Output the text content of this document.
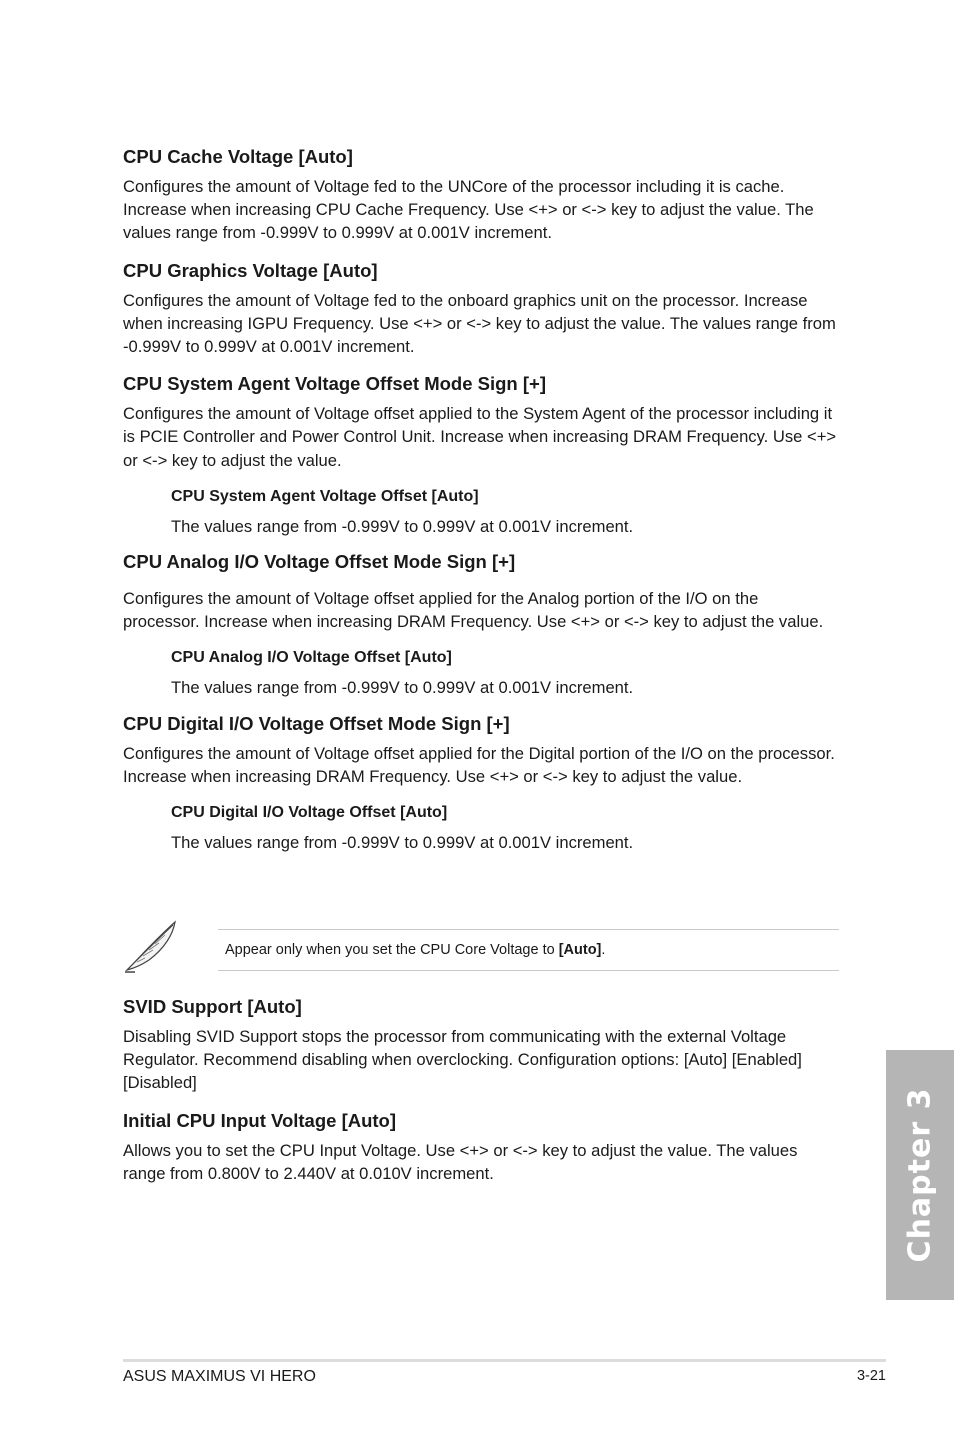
CPU Cache Voltage [Auto]

Configures the amount of Voltage fed to the UNCore of the processor including it is cache. Increase when increasing CPU Cache Frequency. Use <+> or <-> key to adjust the value. The values range from -0.999V to 0.999V at 0.001V increment.

CPU Graphics Voltage [Auto]

Configures the amount of Voltage fed to the onboard graphics unit on the processor. Increase when increasing IGPU Frequency. Use <+> or <-> key to adjust the value. The values range from -0.999V to 0.999V at 0.001V increment.

CPU System Agent Voltage Offset Mode Sign [+]

Configures the amount of Voltage offset applied to the System Agent of the processor including it is PCIE Controller and Power Control Unit. Increase when increasing DRAM Frequency. Use <+> or <-> key to adjust the value.

CPU System Agent Voltage Offset [Auto]

The values range from -0.999V to 0.999V at 0.001V increment.

CPU Analog I/O Voltage Offset Mode Sign [+]

Configures the amount of Voltage offset applied for the Analog portion of the I/O on the processor. Increase when increasing DRAM Frequency. Use <+> or <-> key to adjust the value.

CPU Analog I/O Voltage Offset [Auto]

The values range from -0.999V to 0.999V at 0.001V increment.

CPU Digital I/O Voltage Offset Mode Sign [+]

Configures the amount of Voltage offset applied for the Digital portion of the I/O on the processor. Increase when increasing DRAM Frequency. Use <+> or <-> key to adjust the value.

CPU Digital I/O Voltage Offset [Auto]

The values range from -0.999V to 0.999V at 0.001V increment.

Appear only when you set the CPU Core Voltage to
[Auto] .

SVID Support [Auto]

Disabling SVID Support stops the processor from communicating with the external Voltage Regulator. Recommend disabling when overclocking. Configuration options: [Auto] [Enabled] [Disabled]

Initial CPU Input Voltage [Auto]

Allows you to set the CPU Input Voltage. Use <+> or <-> key to adjust the value. The values range from 0.800V to 2.440V at 0.010V increment.	Chapter 3
ASUS MAXIMUS VI HERO	3-21
